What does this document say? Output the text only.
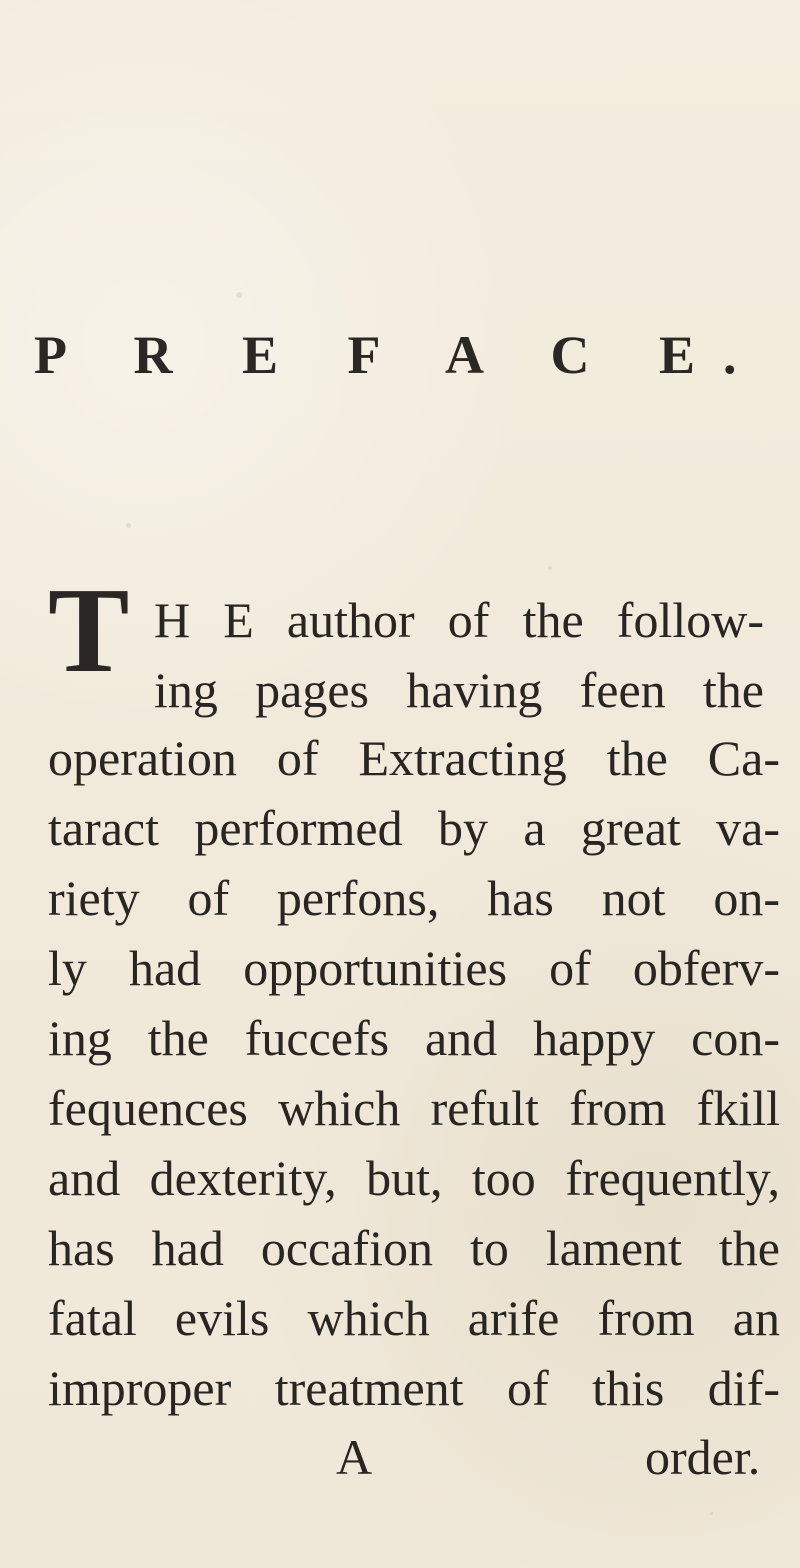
P R E F A C E.
T H E author of the follow-
ing pages having feen the
operation of Extracting the Ca-
taract performed by a great va-
riety of perfons, has not on-
ly had opportunities of obferv-
ing the fuccefs and happy con-
fequences which refult from fkill
and dexterity, but, too frequently,
has had occafion to lament the
fatal evils which arife from an
improper treatment of this dif-
A	order.
